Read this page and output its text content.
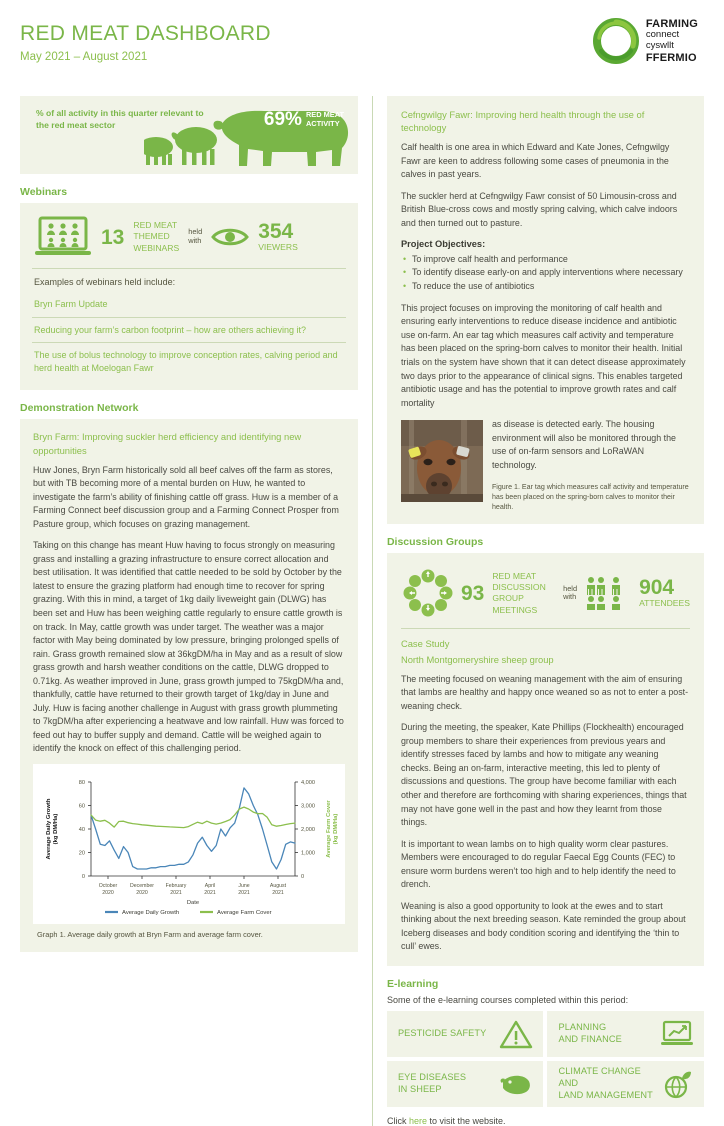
RED MEAT DASHBOARD
May 2021 – August 2021
FARMING
connect
cyswllt
FFERMIO
% of all activity in this quarter relevant to the red meat sector	69% RED MEAT
ACTIVITY
Webinars
13
RED MEAT
THEMED
WEBINARS
held
with	354
VIEWERS
Examples of webinars held include:
Bryn Farm Update
Reducing your farm’s carbon footprint – how are others achieving it?
The use of bolus technology to improve conception rates, calving period and herd health at Moelogan Fawr
Demonstration Network
Bryn Farm: Improving suckler herd efficiency and identifying new opportunities
Huw Jones, Bryn Farm historically sold all beef calves off the farm as stores, but with TB becoming more of a mental burden on Huw, he wanted to investigate the farm’s ability of finishing cattle off grass. Huw is a member of a Farming Connect beef discussion group and a Farming Connect Prosper from Pasture group, which focuses on grazing management.
Taking on this change has meant Huw having to focus strongly on measuring grass and installing a grazing infrastructure to ensure correct allocation and best utilisation. It was identified that cattle needed to be sold by October by the latest to ensure the grazing platform had enough time to recover for spring grazing. With this in mind, a target of 1kg daily liveweight gain (DLWG) has been set and Huw has been weighing cattle regularly to ensure cattle growth is on track. In May, cattle growth was under target. The weather was a major factor with May being dominated by low pressure, bringing prolonged spells of rain. Grass growth remained slow at 36kgDM/ha in May and as a result of slow grass growth and harsh weather conditions on the cattle, DLWG dropped to 0.71kg. As weather improved in June, grass growth jumped to 75kgDM/ha and, thankfully, cattle have returned to their growth target of 1kg/day in June and July. Huw is facing another challenge in August with grass growth plummeting to 7kgDM/ha after experiencing a heatwave and low rainfall. Huw was forced to feed out hay to buffer supply and demand. Cattle will be weighed again to identify the knock on effect of this challenging period.
0
20
40
60
80
0
1,000
2,000
3,000
4,000
October
2020
December
2020
February
2021
April
2021
June
2021
August
2021
Date
Average Daily Growth(kg DM/Ha)	Average Farm Cover(kg DM/Ha)
Average Daily Growth	Average Farm Cover
Graph 1. Average daily growth at Bryn Farm and average farm cover.
Cefngwilgy Fawr: Improving herd health through the use of technology
Calf health is one area in which Edward and Kate Jones, Cefngwilgy Fawr are keen to address following some cases of pneumonia in the calves in past years.
The suckler herd at Cefngwilgy Fawr consist of 50 Limousin-cross and British Blue-cross cows and mostly spring calving, which calve indoors and then turned out to pasture.
Project Objectives:
• To improve calf health and performance
• To identify disease early-on and apply interventions where necessary
• To reduce the use of antibiotics
This project focuses on improving the monitoring of calf health and ensuring early interventions to reduce disease incidence and antibiotic use on-farm. An ear tag which measures calf activity and temperature has been placed on the spring-born calves to monitor their health. Initial trials on the system have shown that it can detect disease approximately two days prior to the appearance of clinical signs. This enables targeted antibiotic usage and has the potential to improve growth rates and calf mortality
as disease is detected early. The housing environment will also be monitored through the use of on-farm sensors and LoRaWAN technology.
Figure 1. Ear tag which measures calf activity and temperature has been placed on the spring-born calves to monitor their health.
Discussion Groups
93
RED MEAT
DISCUSSION
GROUP MEETINGS
held
with	904
ATTENDEES
Case Study
North Montgomeryshire sheep group
The meeting focused on weaning management with the aim of ensuring that lambs are healthy and happy once weaned so as not to enter a post-weaning check.
During the meeting, the speaker, Kate Phillips (Flockhealth) encouraged group members to share their experiences from previous years and identify stresses faced by lambs and how to mitigate any weaning checks. Being an on-farm, interactive meeting, this led to plenty of discussions and questions. The group have become familiar with each other and therefore are forthcoming with sharing experiences, things that may not have gone well in the past and how they learnt from those things.
It is important to wean lambs on to high quality worm clear pastures. Members were encouraged to do regular Faecal Egg Counts (FEC) to ensure worm burdens weren’t too high and to help identify the need to drench.
Weaning is also a good opportunity to look at the ewes and to start thinking about the next breeding season. Kate reminded the group about Iceberg diseases and body condition scoring and identifying the ‘thin to cull’ ewes.
E-learning
Some of the e-learning courses completed within this period:
PESTICIDE SAFETY
PLANNING
AND FINANCE
EYE DISEASES
IN SHEEP
CLIMATE CHANGE AND
LAND MANAGEMENT
Click here to visit the website.
